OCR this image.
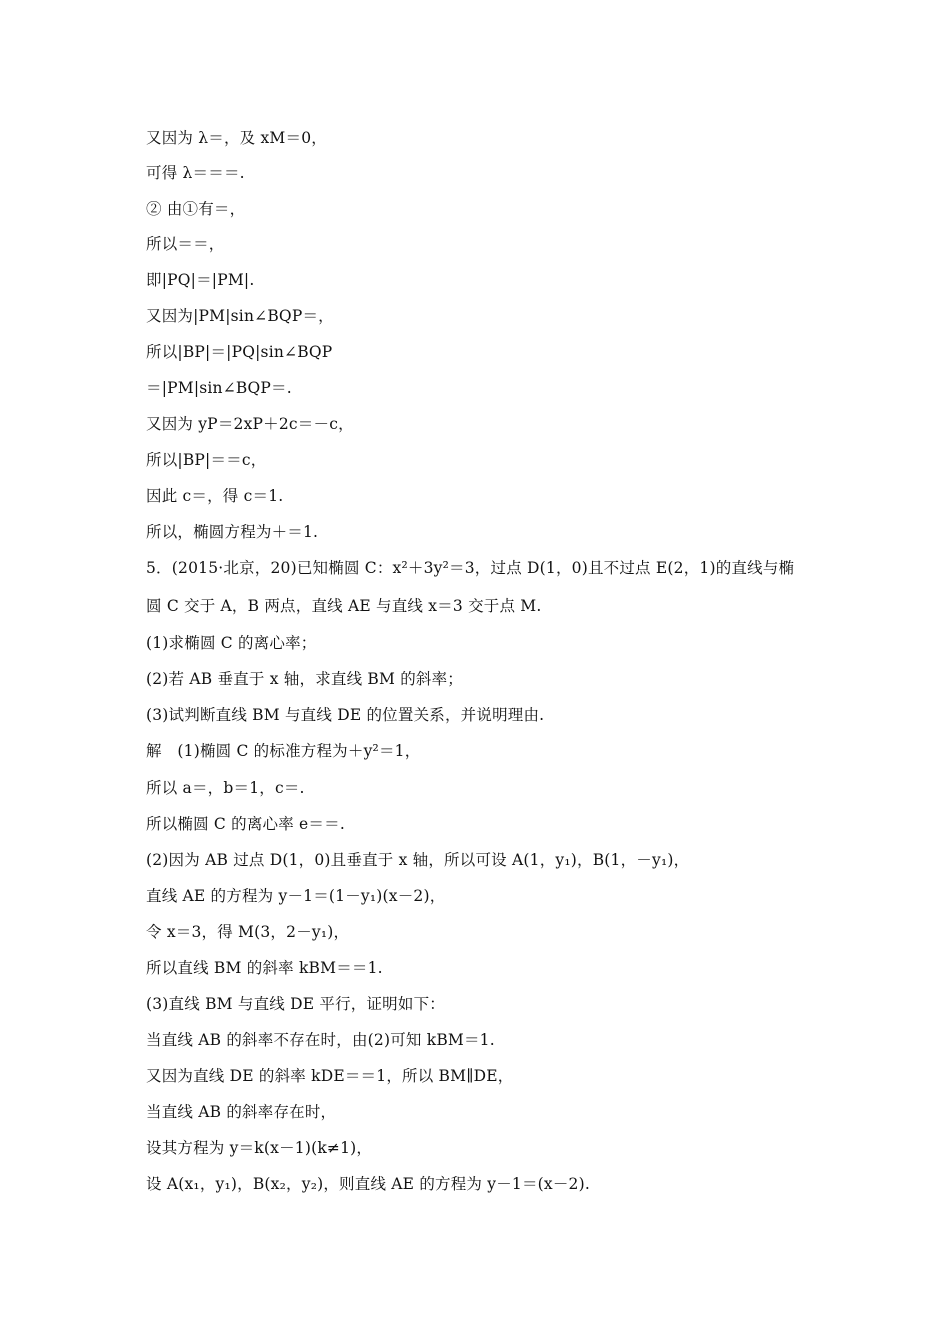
又因为 λ＝，及 xM＝0，
可得 λ＝＝＝.
② 由①有＝，
所以＝＝，
即|PQ|＝|PM|.
又因为|PM|sin∠BQP＝，
所以|BP|＝|PQ|sin∠BQP
＝|PM|sin∠BQP＝.
又因为 yP＝2xP＋2c＝－c，
所以|BP|＝＝c，
因此 c＝，得 c＝1.
所以，椭圆方程为＋＝1.
5．(2015·北京，20)已知椭圆 C：x²＋3y²＝3，过点 D(1，0)且不过点 E(2，1)的直线与椭
圆 C 交于 A，B 两点，直线 AE 与直线 x＝3 交于点 M.
(1)求椭圆 C 的离心率；
(2)若 AB 垂直于 x 轴，求直线 BM 的斜率；
(3)试判断直线 BM 与直线 DE 的位置关系，并说明理由.
解　(1)椭圆 C 的标准方程为＋y²＝1，
所以 a＝，b＝1，c＝.
所以椭圆 C 的离心率 e＝＝.
(2)因为 AB 过点 D(1，0)且垂直于 x 轴，所以可设 A(1，y₁)，B(1，－y₁)，
直线 AE 的方程为 y－1＝(1－y₁)(x－2)，
令 x＝3，得 M(3，2－y₁)，
所以直线 BM 的斜率 kBM＝＝1.
(3)直线 BM 与直线 DE 平行，证明如下：
当直线 AB 的斜率不存在时，由(2)可知 kBM＝1.
又因为直线 DE 的斜率 kDE＝＝1，所以 BM∥DE，
当直线 AB 的斜率存在时，
设其方程为 y＝k(x－1)(k≠1)，
设 A(x₁，y₁)，B(x₂，y₂)，则直线 AE 的方程为 y－1＝(x－2).
